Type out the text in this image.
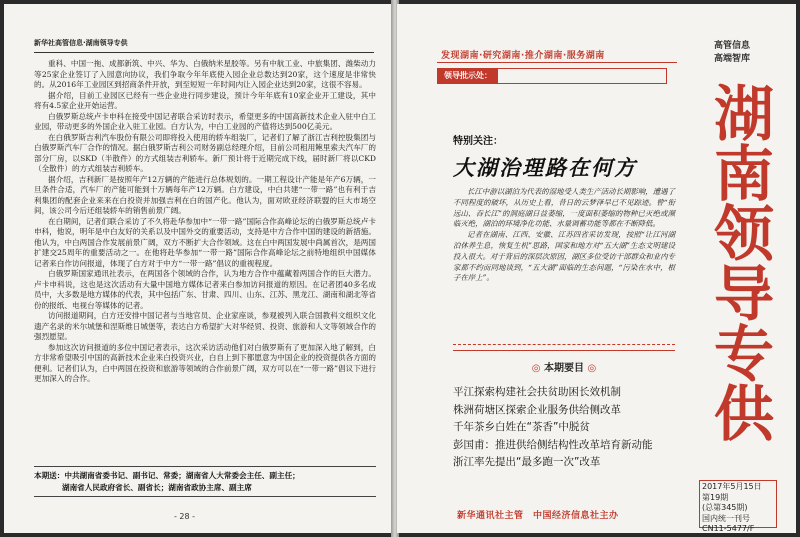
新华社高管信息·湖南领导专供

重科、中国一拖、成都新筑、中兴、华为、白俄纳米星胶等。另有中航工业、中旅集团、潍柴动力等25家企业签订了入园意向协议，我们争取今年年底使入园企业总数达到20家，这个速度是非常快的。从2016年工业园区到招商条件开放，到至短短一年时间内让入园企业达到20家，这很不容易。

据介绍，目前工业园区已经有一些企业进行同步建设，预计今年年底有10家企业开工建设，其中将有4.5家企业开始运营。

白俄罗斯总统卢卡申科在接受中国记者联合采访时表示，希望更多的中国高新技术企业入驻中白工业园，带动更多的外国企业入驻工业园。白方认为，中白工业园的产值将达到500亿美元。

在白俄罗斯吉利汽车股份有限公司即将投入使用的轿车组装厂，记者们了解了浙江吉利控股集团与白俄罗斯汽车厂合作的情况。据白俄罗斯吉利公司财务副总经理介绍，目前公司租用鲍里索夫汽车厂的部分厂房，以SKD（半散件）的方式组装吉利轿车。新厂预计将于近期完成下线，届时新厂将以CKD（全散件）的方式组装吉利轿车。

据介绍，吉利新厂是按照年产12万辆的产能进行总体规划的。一期工程设计产能是年产6万辆，一旦条件合适，汽车厂的产能可能到十万辆每年产12万辆。白方建设，中白共建“一带一路”也有利于吉利集团的配套企业来来在白投资并加强吉利在白的国产化。他认为，面对欧亚经济联盟的巨大市场空间，该公司今后还组装轿车的销售前景广阔。

在白期间，记者们联合采访了不久将赴华参加中“一带一路”国际合作高峰论坛的白俄罗斯总统卢卡申科，他说，明年是中白友好的关系以及中国外交的重要活动，支持是中方合作中国的建设的新措施。他认为，中白两国合作发展前景广阔，双方不断扩大合作领域。这在白中两国发展中尚属首次，是两国扩建交25周年的重要活动之一。在他将赴华参加“一带一路”国际合作高峰论坛之前特地组织中国媒体记者来白作访问报道，体现了白方对于中方“一带一路”倡议的重视程度。

白俄罗斯国家通讯社表示，在两国各个领域的合作，认为地方合作中蕴藏着两国合作的巨大潜力。卢卡申科说，这也是这次活动有大量中国地方媒体记者来白参加访问报道的原因。在记者团40多名成员中，大多数是地方媒体的代表，其中包括广东、甘肃、四川、山东、江苏、黑龙江、湖南和湖北等省份的报纸、电视台等媒体的记者。

访问报道期间，白方还安排中国记者与当地官员、企业家座谈，参观被列入联合国教科文组织文化遗产名录的米尔城堡和涅斯维日城堡等，表达白方希望扩大对华经贸、投资、旅游和人文等领域合作的强烈愿望。

参加这次访问报道的多位中国记者表示，这次采访活动他们对白俄罗斯有了更加深入地了解到，白方非常希望吸引中国的高新技术企业来白投资兴业，白自上到下都愿意为中国企业的投资提供各方面的便利。记者们认为，白中两国在投资和旅游等领域的合作前景广阔，双方可以在“一带一路”倡议下进行更加深入的合作。

本期送：中共湖南省委书记、副书记、常委；湖南省人大常委会主任、副主任；
湖南省人民政府省长、副省长；湖南省政协主席、副主席
- 28 -
发现湖南·研究湖南·推介湖南·服务湖南
领导批示处：
高管信息
高端智库
湖南领导专供
特别关注：
大湖治理路在何方

长江中游以湖泊为代表的湿地受人类生产活动长期影响，遭遇了不同程度的破坏，从历史上看，昔日的云梦泽早已不见踪迹。曾“衔远山、吞长江”的洞庭湖日益萎缩，一度面积萎缩的物种已灭绝或濒临灭绝，湖泊的环境净化功能、水量调蓄功能等都在不断降低。

记者在湖南、江西、安徽、江苏四省采访发现，按照“让江河湖泊休养生息，恢复生机”思路，国家和地方对“五大湖”生态文明建设投入很大。对于背后的深层次原因，湖区多位受访干部群众和业内专家都不约而同地谈到，“五大湖”面临的生态问题，“污染在水中，根子在岸上”。

◎ 本期要目 ◎
平江探索构建社会扶贫助困长效机制
株洲荷塘区探索企业服务供给侧改革
千年茶乡白姓在“茶香”中脱贫
彭国甫：推进供给侧结构性改革培育新动能
浙江率先提出“最多跑一次”改革
2017年5月15日
第19期
(总第345期)
国内统一刊号
CN11-5477/F
新华通讯社主管　中国经济信息社主办
